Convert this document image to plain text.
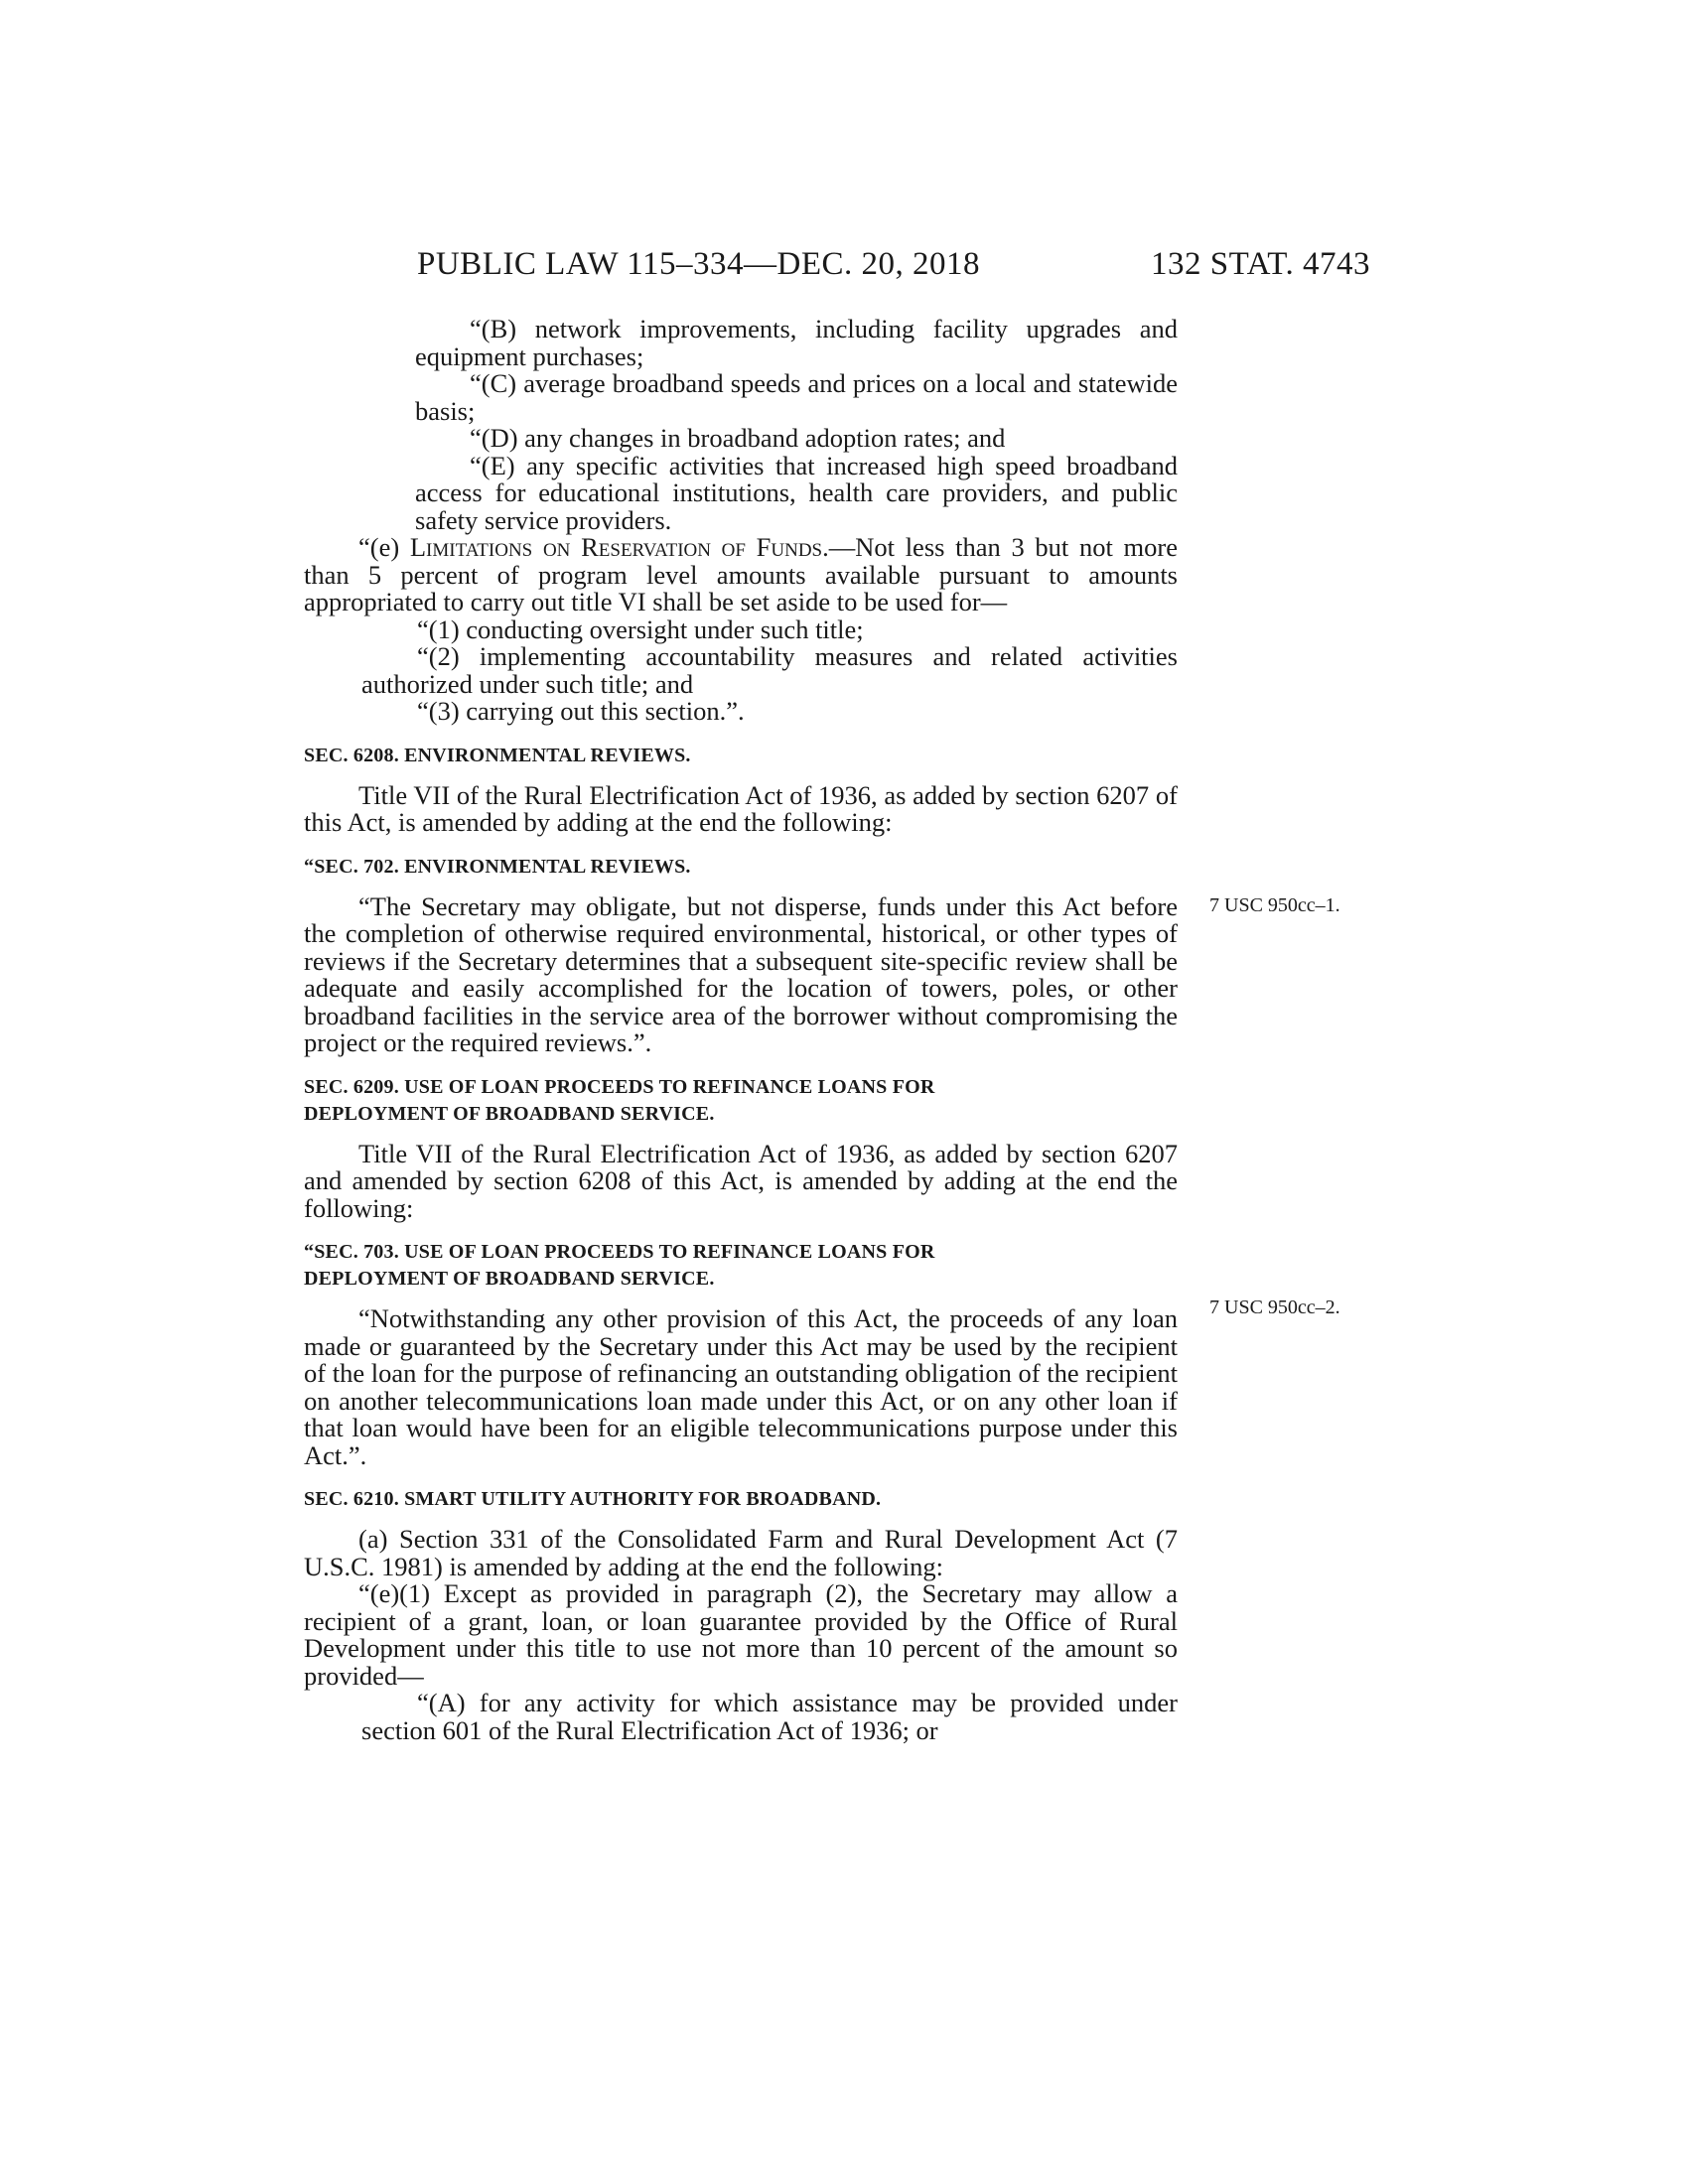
PUBLIC LAW 115–334—DEC. 20, 2018	132 STAT. 4743
7 USC 950cc–1.
7 USC 950cc–2.

“(B) network improvements, including facility upgrades and equipment purchases;

“(C) average broadband speeds and prices on a local and statewide basis;

“(D) any changes in broadband adoption rates; and

“(E) any specific activities that increased high speed broadband access for educational institutions, health care providers, and public safety service providers.

“(e) Limitations on Reservation of Funds.—Not less than 3 but not more than 5 percent of program level amounts available pursuant to amounts appropriated to carry out title VI shall be set aside to be used for—

“(1) conducting oversight under such title;

“(2) implementing accountability measures and related activities authorized under such title; and

“(3) carrying out this section.”.

SEC. 6208. ENVIRONMENTAL REVIEWS.

Title VII of the Rural Electrification Act of 1936, as added by section 6207 of this Act, is amended by adding at the end the following:

“SEC. 702. ENVIRONMENTAL REVIEWS.

“The Secretary may obligate, but not disperse, funds under this Act before the completion of otherwise required environmental, historical, or other types of reviews if the Secretary determines that a subsequent site-specific review shall be adequate and easily accomplished for the location of towers, poles, or other broadband facilities in the service area of the borrower without compromising the project or the required reviews.”.

SEC. 6209. USE OF LOAN PROCEEDS TO REFINANCE LOANS FOR
DEPLOYMENT OF BROADBAND SERVICE.

Title VII of the Rural Electrification Act of 1936, as added by section 6207 and amended by section 6208 of this Act, is amended by adding at the end the following:

“SEC. 703. USE OF LOAN PROCEEDS TO REFINANCE LOANS FOR
DEPLOYMENT OF BROADBAND SERVICE.

“Notwithstanding any other provision of this Act, the proceeds of any loan made or guaranteed by the Secretary under this Act may be used by the recipient of the loan for the purpose of refinancing an outstanding obligation of the recipient on another telecommunications loan made under this Act, or on any other loan if that loan would have been for an eligible telecommunications purpose under this Act.”.

SEC. 6210. SMART UTILITY AUTHORITY FOR BROADBAND.

(a) Section 331 of the Consolidated Farm and Rural Development Act (7 U.S.C. 1981) is amended by adding at the end the following:

“(e)(1) Except as provided in paragraph (2), the Secretary may allow a recipient of a grant, loan, or loan guarantee provided by the Office of Rural Development under this title to use not more than 10 percent of the amount so provided—

“(A) for any activity for which assistance may be provided under section 601 of the Rural Electrification Act of 1936; or
